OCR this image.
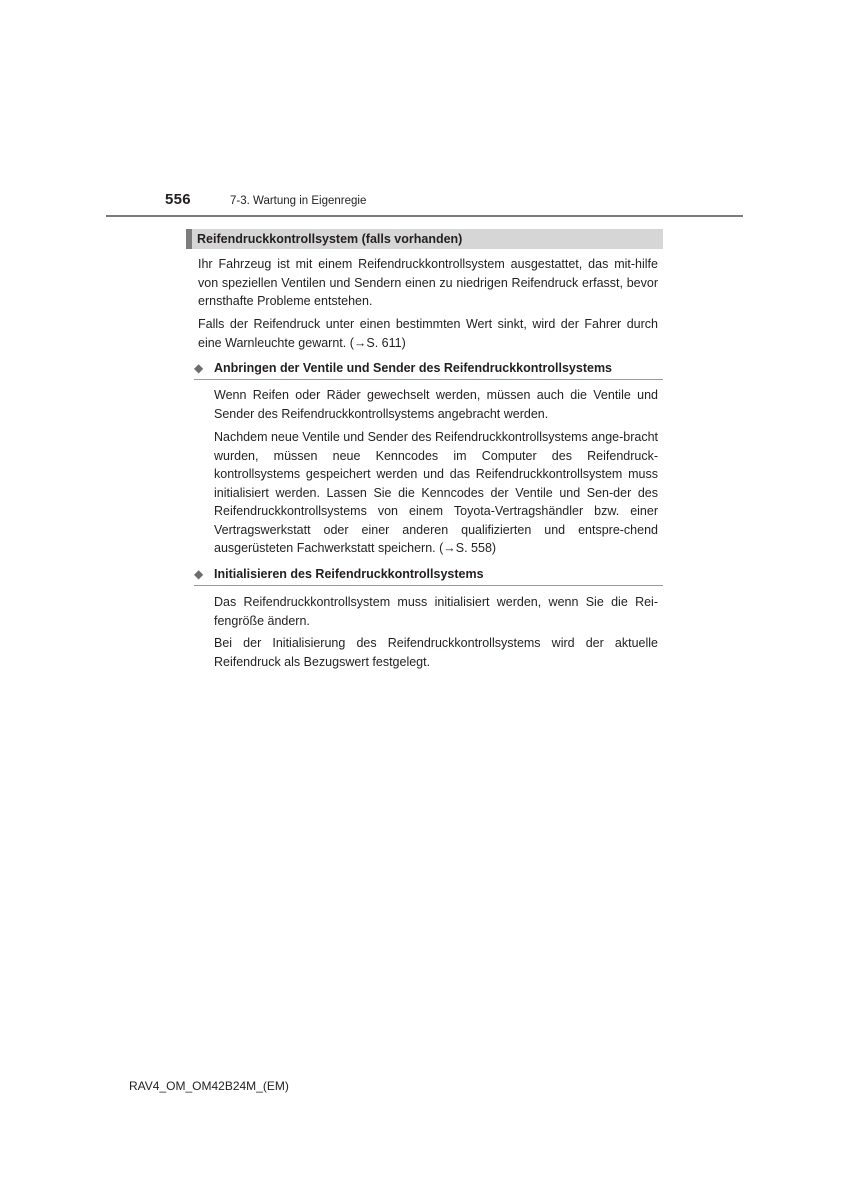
556	7-3. Wartung in Eigenregie
Reifendruckkontrollsystem (falls vorhanden)

Ihr Fahrzeug ist mit einem Reifendruckkontrollsystem ausgestattet, das mit-hilfe von speziellen Ventilen und Sendern einen zu niedrigen Reifendruck erfasst, bevor ernsthafte Probleme entstehen.

Falls der Reifendruck unter einen bestimmten Wert sinkt, wird der Fahrer durch eine Warnleuchte gewarnt. (→S. 611)

◆ Anbringen der Ventile und Sender des Reifendruckkontrollsystems

Wenn Reifen oder Räder gewechselt werden, müssen auch die Ventile und Sender des Reifendruckkontrollsystems angebracht werden.

Nachdem neue Ventile und Sender des Reifendruckkontrollsystems ange-bracht wurden, müssen neue Kenncodes im Computer des Reifendruck-kontrollsystems gespeichert werden und das Reifendruckkontrollsystem muss initialisiert werden. Lassen Sie die Kenncodes der Ventile und Sen-der des Reifendruckkontrollsystems von einem Toyota-Vertragshändler bzw. einer Vertragswerkstatt oder einer anderen qualifizierten und entspre-chend ausgerüsteten Fachwerkstatt speichern. (→S. 558)

◆ Initialisieren des Reifendruckkontrollsystems

Das Reifendruckkontrollsystem muss initialisiert werden, wenn Sie die Rei-fengröße ändern.

Bei der Initialisierung des Reifendruckkontrollsystems wird der aktuelle Reifendruck als Bezugswert festgelegt.

RAV4_OM_OM42B24M_(EM)
